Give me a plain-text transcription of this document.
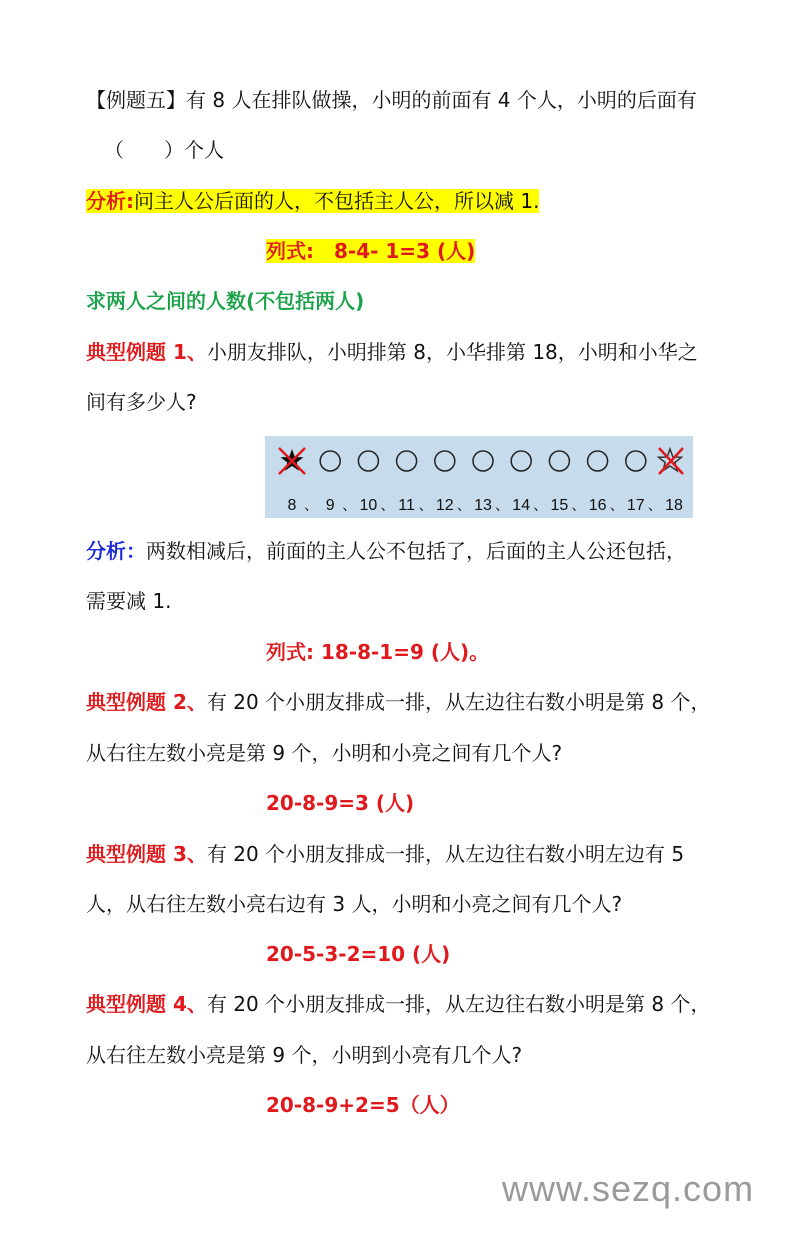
【例题五】有 8 人在排队做操，小明的前面有 4 个人，小明的后面有
（　　）个人
分析:问主人公后面的人，不包括主人公，所以减 1.
列式:　8-4- 1=3 (人)
求两人之间的人数(不包括两人)
典型例题 1、小朋友排队，小明排第 8，小华排第 18，小明和小华之
间有多少人?
8 、 9 、 10 、 11 、 12 、 13 、 14 、 15 、 16 、 17 、 18
分析：两数相减后，前面的主人公不包括了，后面的主人公还包括，
需要减 1.
列式: 18-8-1=9 (人)。
典型例题 2、有 20 个小朋友排成一排，从左边往右数小明是第 8 个，
从右往左数小亮是第 9 个，小明和小亮之间有几个人?
20-8-9=3 (人)
典型例题 3、有 20 个小朋友排成一排，从左边往右数小明左边有 5
人，从右往左数小亮右边有 3 人，小明和小亮之间有几个人?
20-5-3-2=10 (人)
典型例题 4、有 20 个小朋友排成一排，从左边往右数小明是第 8 个，
从右往左数小亮是第 9 个，小明到小亮有几个人?
20-8-9+2=5（人）
www.sezq.com
